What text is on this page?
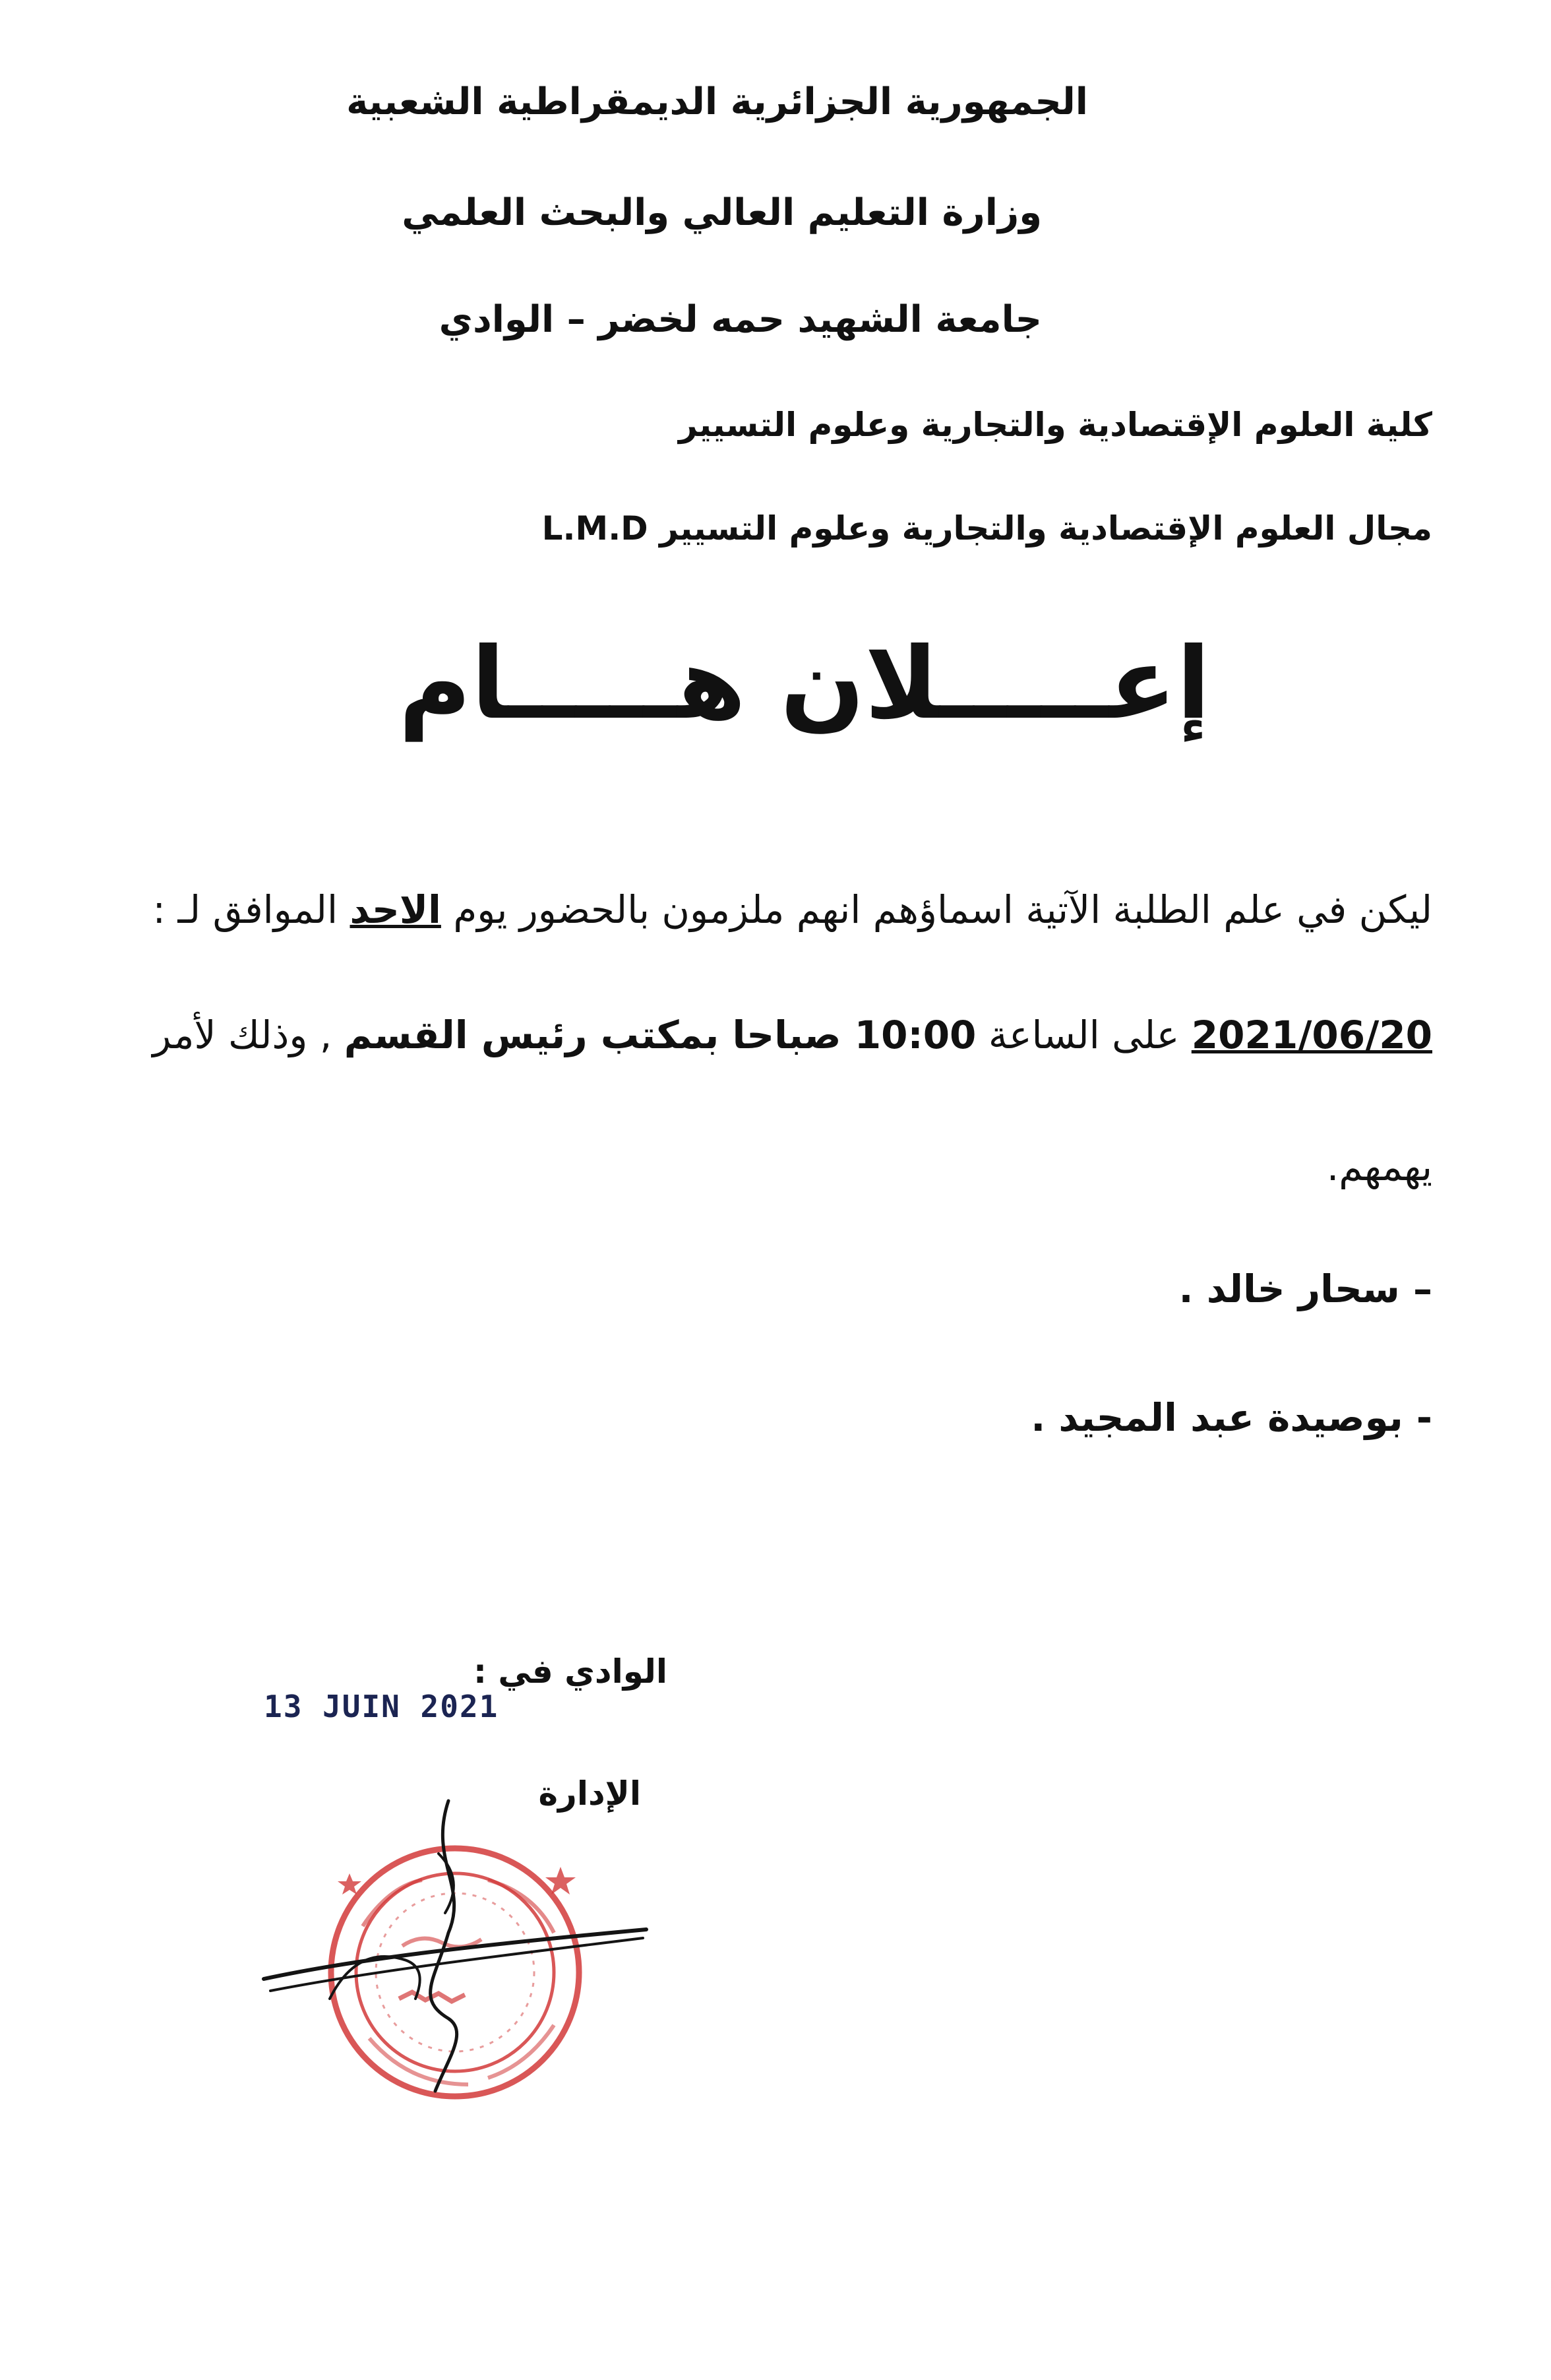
الجمهورية الجزائرية الديمقراطية الشعبية
وزارة التعليم العالي والبحث العلمي
جامعة الشهيد حمه لخضر – الوادي
كلية العلوم الإقتصادية والتجارية وعلوم التسيير
مجال العلوم الإقتصادية والتجارية وعلوم التسيير L.M.D
إعـــــلان هـــــام
ليكن في علم الطلبة الآتية اسماؤهم انهم ملزمون بالحضور يوم الاحد الموافق لـ :
2021/06/20 على الساعة 10:00 صباحا بمكتب رئيس القسم , وذلك لأمر
يهمهم.
– سحار خالد .
- بوصيدة عبد المجيد .
الوادي في :
13 JUIN 2021
الإدارة
